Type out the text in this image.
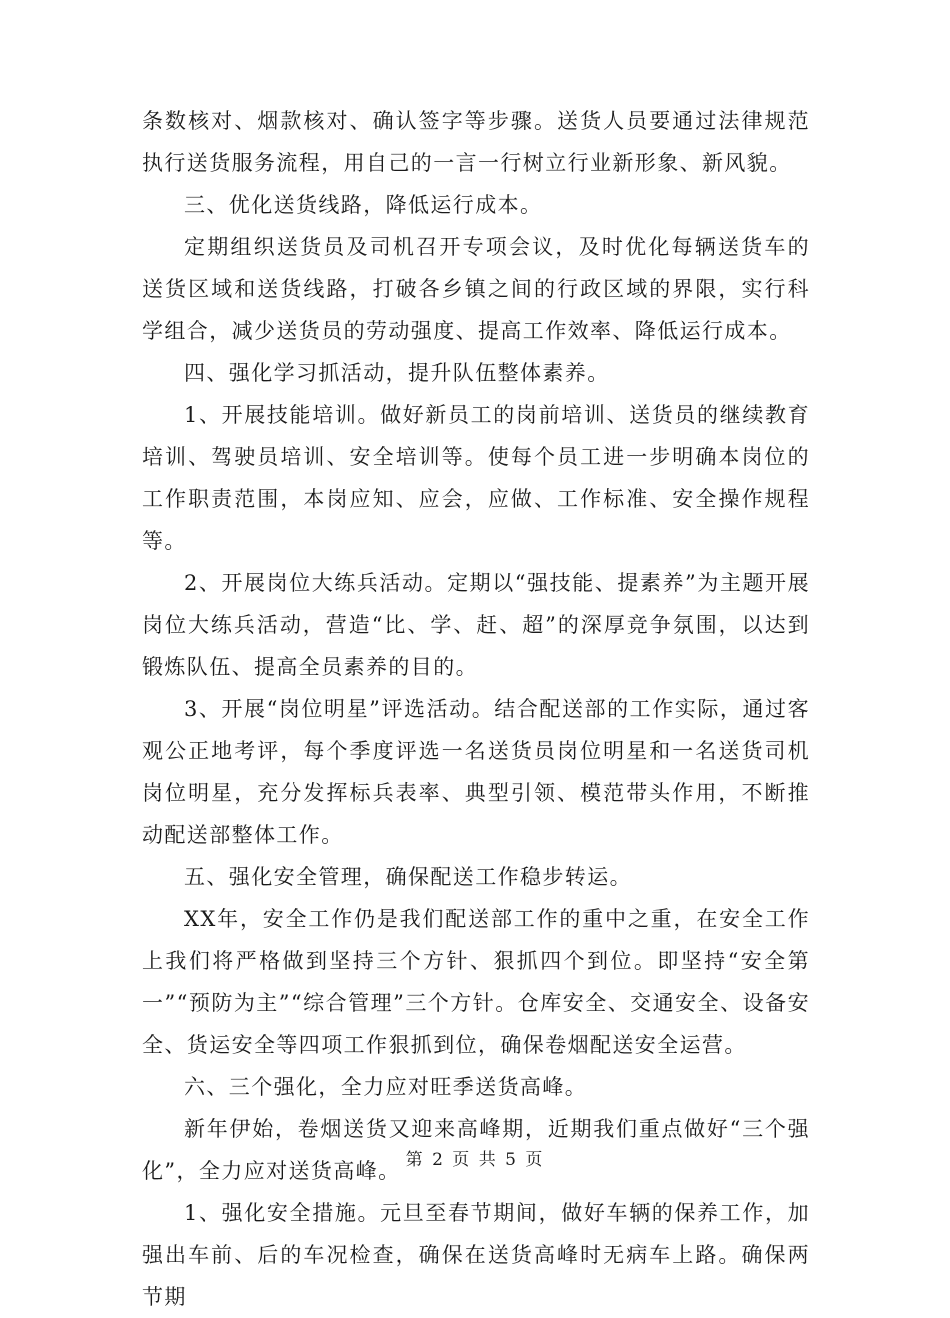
条数核对、烟款核对、确认签字等步骤。送货人员要通过法律规范执行送货服务流程，用自己的一言一行树立行业新形象、新风貌。

三、优化送货线路，降低运行成本。

定期组织送货员及司机召开专项会议，及时优化每辆送货车的送货区域和送货线路，打破各乡镇之间的行政区域的界限，实行科学组合，减少送货员的劳动强度、提高工作效率、降低运行成本。

四、强化学习抓活动，提升队伍整体素养。

1、开展技能培训。做好新员工的岗前培训、送货员的继续教育培训、驾驶员培训、安全培训等。使每个员工进一步明确本岗位的工作职责范围，本岗应知、应会，应做、工作标准、安全操作规程等。

2、开展岗位大练兵活动。定期以“强技能、提素养”为主题开展岗位大练兵活动，营造“比、学、赶、超”的深厚竞争氛围，以达到锻炼队伍、提高全员素养的目的。

3、开展“岗位明星”评选活动。结合配送部的工作实际，通过客观公正地考评，每个季度评选一名送货员岗位明星和一名送货司机岗位明星，充分发挥标兵表率、典型引领、模范带头作用，不断推动配送部整体工作。

五、强化安全管理，确保配送工作稳步转运。

XX年，安全工作仍是我们配送部工作的重中之重，在安全工作上我们将严格做到坚持三个方针、狠抓四个到位。即坚持“安全第一”“预防为主”“综合管理”三个方针。仓库安全、交通安全、设备安全、货运安全等四项工作狠抓到位，确保卷烟配送安全运营。

六、三个强化，全力应对旺季送货高峰。

新年伊始，卷烟送货又迎来高峰期，近期我们重点做好“三个强化”，全力应对送货高峰。

1、强化安全措施。元旦至春节期间，做好车辆的保养工作，加强出车前、后的车况检查，确保在送货高峰时无病车上路。确保两节期

第 2 页 共 5 页
